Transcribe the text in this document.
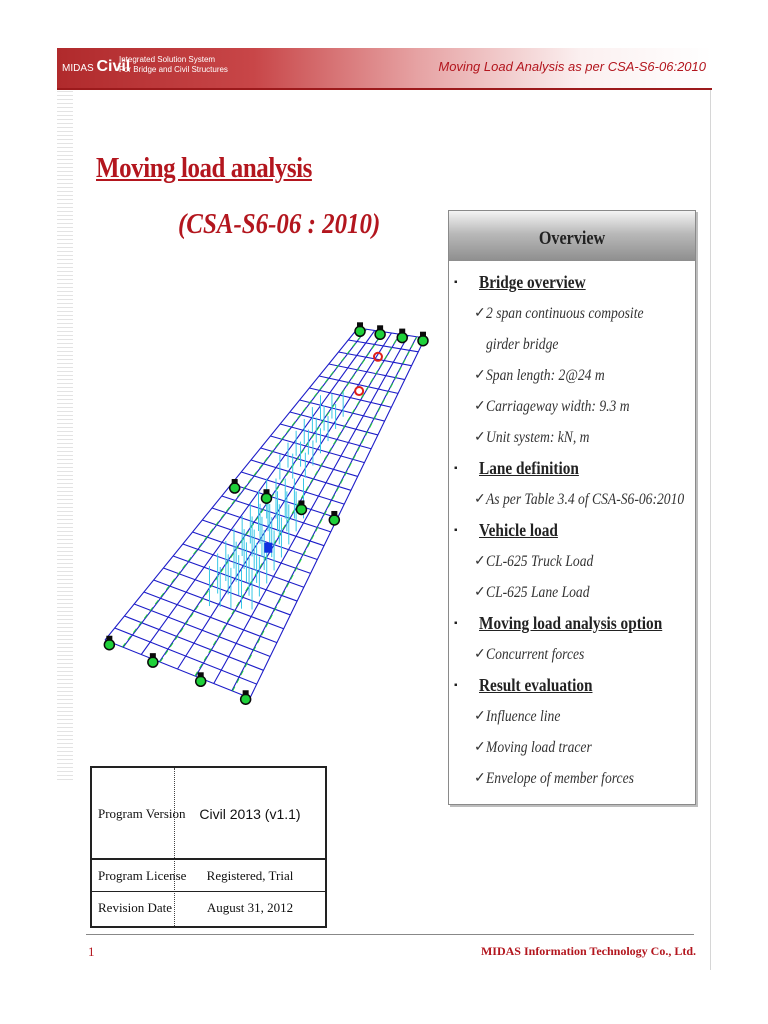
MIDAS Civil
Integrated Solution System
For Bridge and Civil Structures	Moving Load Analysis as per CSA-S6-06:2010
Moving load analysis
(CSA-S6-06 : 2010)	Overview
▪ Bridge overview
✓ 2 span continuous composite girder bridge
✓ Span length: 2@24 m
✓ Carriageway width: 9.3 m
✓ Unit system: kN, m
▪ Lane definition
✓ As per Table 3.4 of CSA-S6-06:2010
▪ Vehicle load
✓ CL-625 Truck Load
✓ CL-625 Lane Load
▪ Moving load analysis option
✓ Concurrent forces
▪ Result evaluation
✓ Influence line
✓ Moving load tracer
✓ Envelope of member forces
Program Version Civil 2013 (v1.1)
Program License	Registered, Trial
Revision Date	August 31, 2012
1	MIDAS Information Technology Co., Ltd.
